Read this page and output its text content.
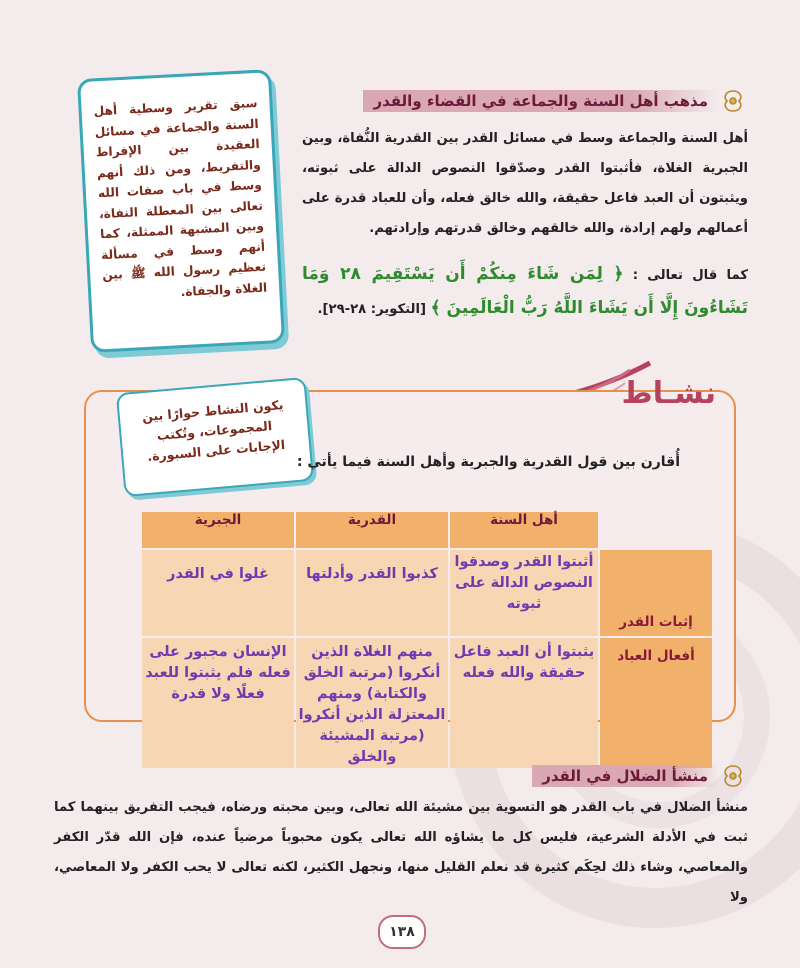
مذهب أهل السنة والجماعة في القضاء والقدر
أهل السنة والجماعة وسط في مسائل القدر بين القدرية النُّفاة، وبين الجبرية الغلاة، فأثبتوا القدر وصدّقوا النصوص الدالة على ثبوته، ويثبتون أن العبد فاعل حقيقة، والله خالق فعله، وأن للعباد قدرة على أعمالهم ولهم إرادة، والله خالقهم وخالق قدرتهم وإرادتهم.
كما قال تعالى : ﴿ لِمَن شَاءَ مِنكُمْ أَن يَسْتَقِيمَ ٢٨ وَمَا تَشَاءُونَ إِلَّا أَن يَشَاءَ اللَّهُ رَبُّ الْعَالَمِينَ ﴾ [التكوير: ٢٨-٢٩].
سبق تقرير وسطية أهل السنة والجماعة في مسائل العقيدة بين الإفراط والتفريط، ومن ذلك أنهم وسط في باب صفات الله تعالى بين المعطلة النفاة، وبين المشبهة الممثلة، كما أنهم وسط في مسألة تعظيم رسول الله ﷺ بين الغلاة والجفاة.
نشـاط
يكون النشاط حوارًا بين المجموعات، وتُكتب الإجابات على السبورة. أُقارن بين قول القدرية والجبرية وأهل السنة فيما يأتي :
	أهل السنة	القدرية	الجبرية
إثبات القدر	أثبتوا القدر وصدقوا النصوص الدالة على ثبوته	كذبوا القدر وأدلتها	غلوا في القدر
أفعال العباد	يثبتوا أن العبد فاعل حقيقة والله فعله	منهم الغلاة الذين أنكروا (مرتبة الخلق والكتابة) ومنهم المعتزلة الذين أنكروا (مرتبة المشيئة والخلق	الإنسان مجبور على فعله فلم يثبتوا للعبد فعلًا ولا قدرة
منشأ الضلال في القدر
منشأ الضلال في باب القدر هو التسوية بين مشيئة الله تعالى، وبين محبته ورضاه، فيجب التفريق بينهما كما ثبت في الأدلة الشرعية، فليس كل ما يشاؤه الله تعالى يكون محبوباً مرضياً عنده، فإن الله قدّر الكفر والمعاصي، وشاء ذلك لحِكَم كثيرة قد نعلم القليل منها، ونجهل الكثير، لكنه تعالى لا يحب الكفر ولا المعاصي، ولا
١٣٨
